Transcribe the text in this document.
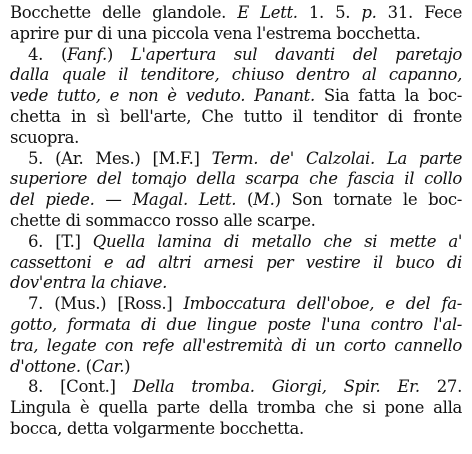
Bocchette delle glandole. E Lett. 1. 5. p. 31. Fece
aprire pur di una piccola vena l'estrema bocchetta.
4. (Fanf.) L'apertura sul davanti del paretajo
dalla quale il tenditore, chiuso dentro al capanno,
vede tutto, e non è veduto. Panant. Sia fatta la boc-
chetta in sì bell'arte, Che tutto il tenditor di fronte
scuopra.
5. (Ar. Mes.) [M.F.] Term. de' Calzolai. La parte
superiore del tomajo della scarpa che fascia il collo
del piede. — Magal. Lett. (M.) Son tornate le boc-
chette di sommacco rosso alle scarpe.
6. [T.] Quella lamina di metallo che si mette a'
cassettoni e ad altri arnesi per vestire il buco di
dov'entra la chiave.
7. (Mus.) [Ross.] Imboccatura dell'oboe, e del fa-
gotto, formata di due lingue poste l'una contro l'al-
tra, legate con refe all'estremità di un corto cannello
d'ottone. (Car.)
8. [Cont.] Della tromba. Giorgi, Spir. Er. 27.
Lingula è quella parte della tromba che si pone alla
bocca, detta volgarmente bocchetta.
